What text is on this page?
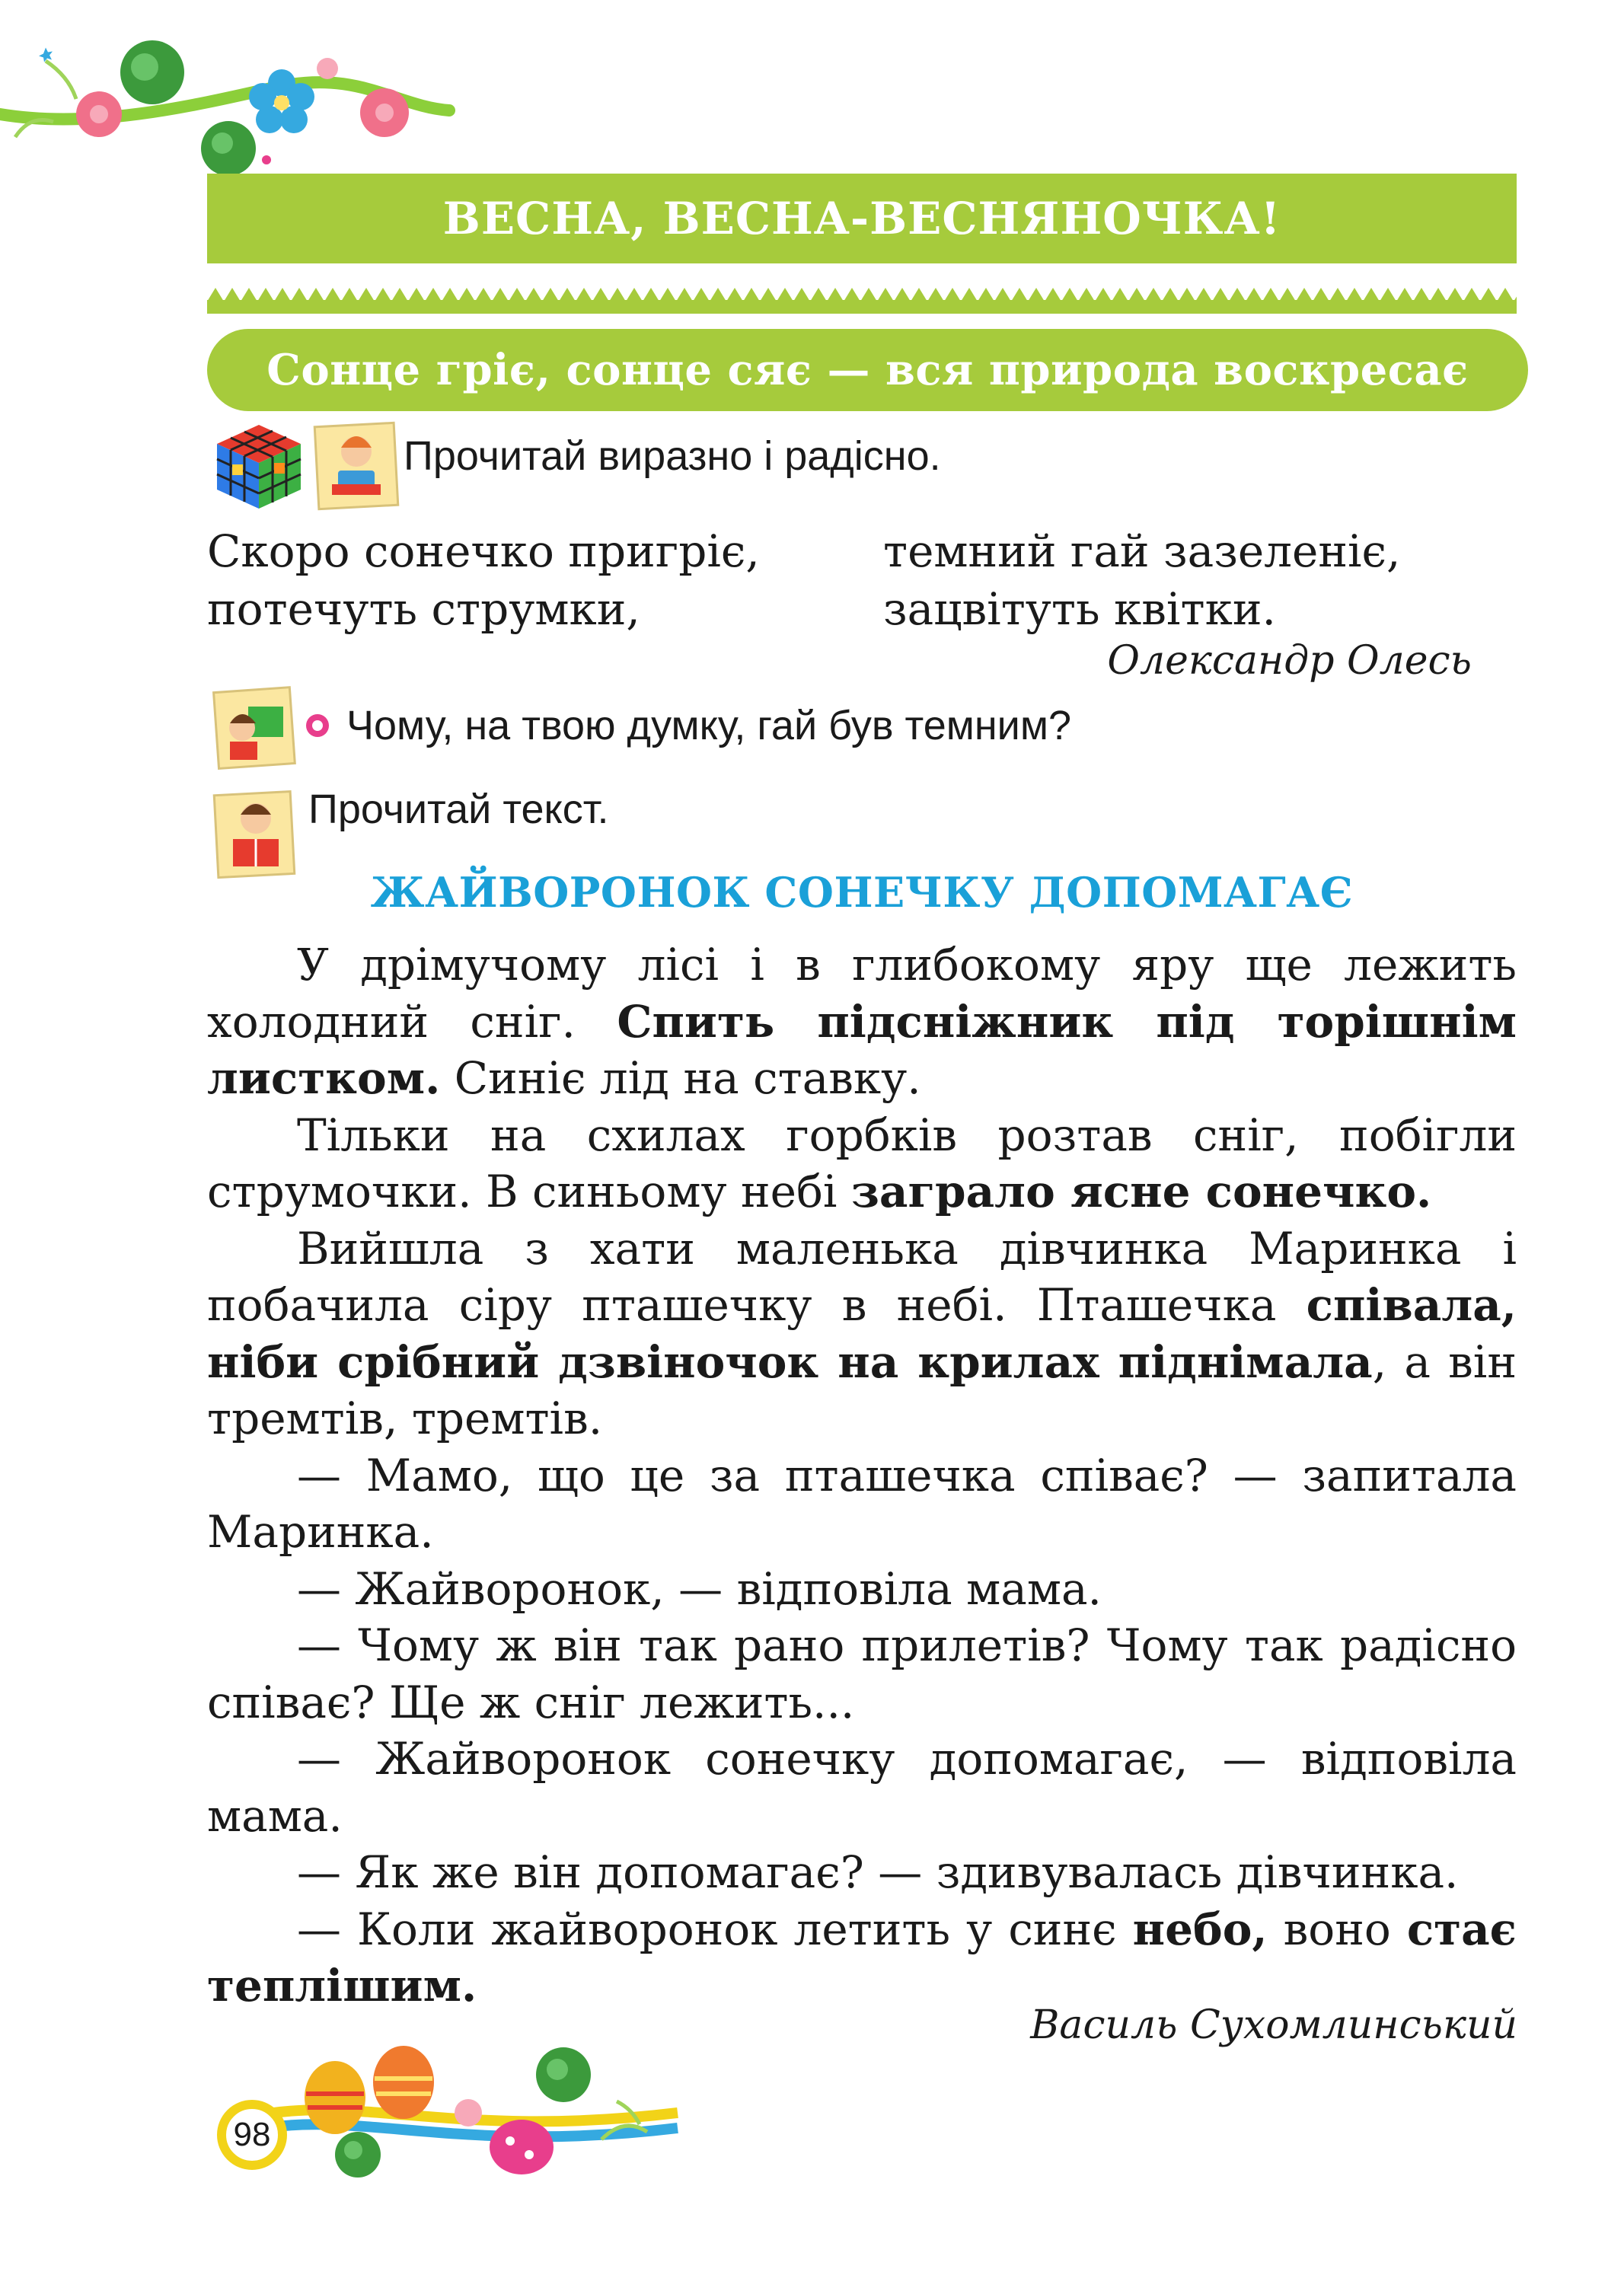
ВЕСНА, ВЕСНА-ВЕСНЯНОЧКА!
Сонце гріє, сонце сяє — вся природа воскресає
Прочитай виразно і радісно.
Скоро сонечко пригріє,
потечуть струмки,
темний гай зазеленіє,
зацвітуть квітки.
Олександр Олесь
Чому, на твою думку, гай був темним?
Прочитай текст.
ЖАЙВОРОНОК СОНЕЧКУ ДОПОМАГАЄ

У дрімучому лісі і в глибокому яру ще лежить холодний сніг. Спить підсніжник під торішнім листком. Синіє лід на ставку.

Тільки на схилах горбків розтав сніг, побігли струмочки. В синьому небі заграло ясне сонечко.

Вийшла з хати маленька дівчинка Маринка і побачила сіру пташечку в небі. Пташечка співала, ніби срібний дзвіночок на крилах піднімала, а він тремтів, тремтів.

— Мамо, що це за пташечка співає? — запитала Маринка.

— Жайворонок, — відповіла мама.

— Чому ж він так рано прилетів? Чому так радісно співає? Ще ж сніг лежить...

— Жайворонок сонечку допомагає, — відповіла мама.

— Як же він допомагає? — здивувалась дівчинка.

— Коли жайворонок летить у синє небо, воно стає теплішим.

Василь Сухомлинський
98
